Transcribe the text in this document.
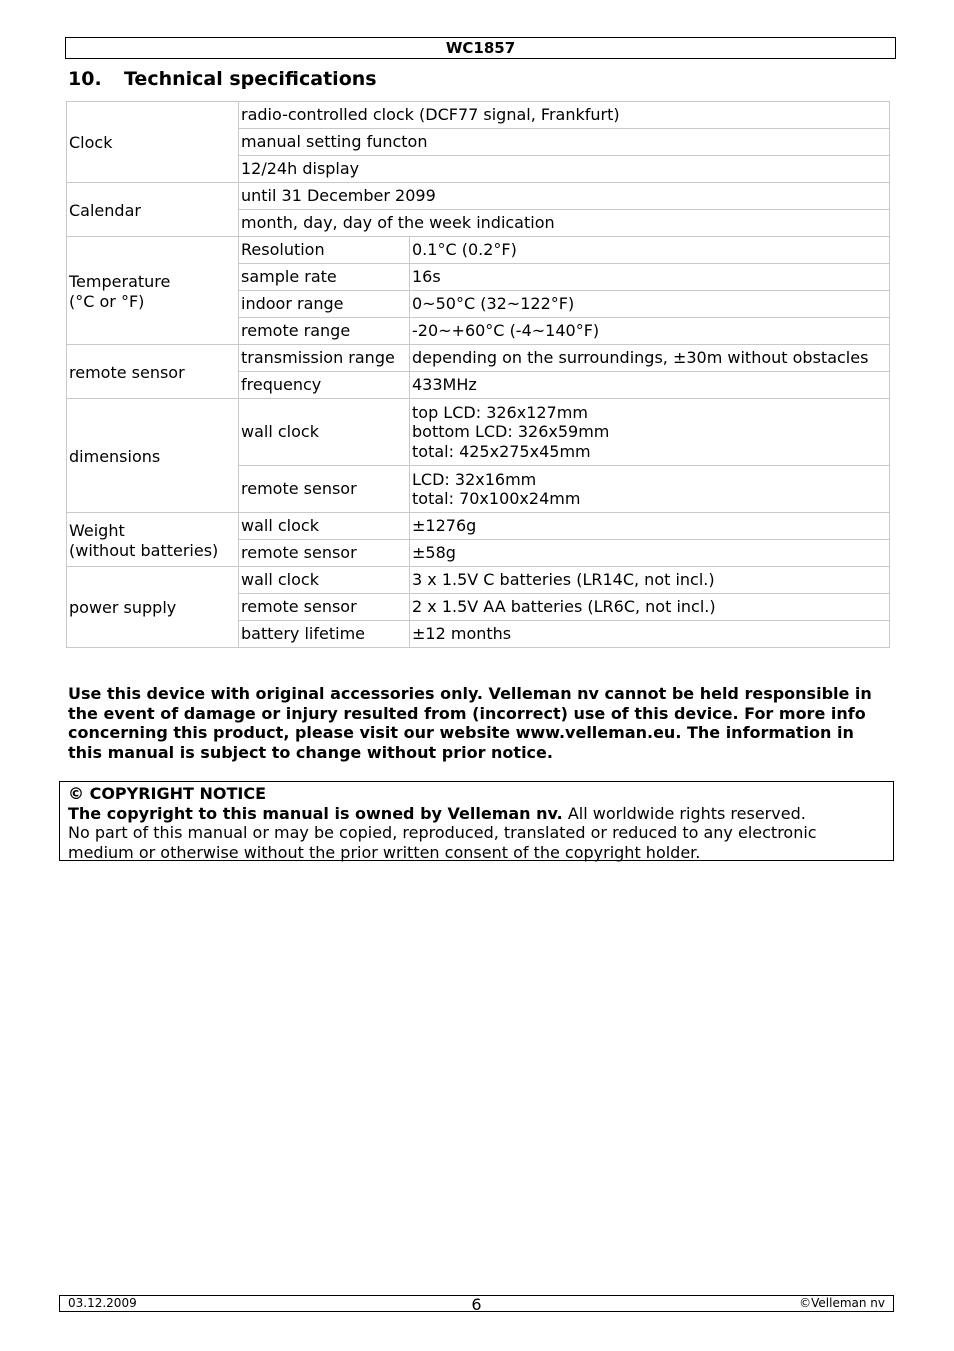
WC1857
10. Technical specifications
Clock	radio-controlled clock (DCF77 signal, Frankfurt)	
	manual setting functon	
	12/24h display	
Calendar	until 31 December 2099	
	month, day, day of the week indication	
Temperature
(°C or °F)	Resolution	0.1°C (0.2°F)
	sample rate	16s
	indoor range	0~50°C (32~122°F)
	remote range	-20~+60°C (-4~140°F)
remote sensor	transmission range	depending on the surroundings, ±30m without obstacles
	frequency	433MHz
dimensions	wall clock	top LCD: 326x127mm
bottom LCD: 326x59mm
total: 425x275x45mm
	remote sensor	LCD: 32x16mm
total: 70x100x24mm
Weight
(without batteries)	wall clock	±1276g
	remote sensor	±58g
power supply	wall clock	3 x 1.5V C batteries (LR14C, not incl.)
	remote sensor	2 x 1.5V AA batteries (LR6C, not incl.)
	battery lifetime	±12 months

Use this device with original accessories only. Velleman nv cannot be held responsible in the event of damage or injury resulted from (incorrect) use of this device. For more info concerning this product, please visit our website www.velleman.eu. The information in this manual is subject to change without prior notice.

© COPYRIGHT NOTICE
The copyright to this manual is owned by Velleman nv. All worldwide rights reserved.
No part of this manual or may be copied, reproduced, translated or reduced to any electronic medium or otherwise without the prior written consent of the copyright holder.
03.12.2009	6	©Velleman nv
